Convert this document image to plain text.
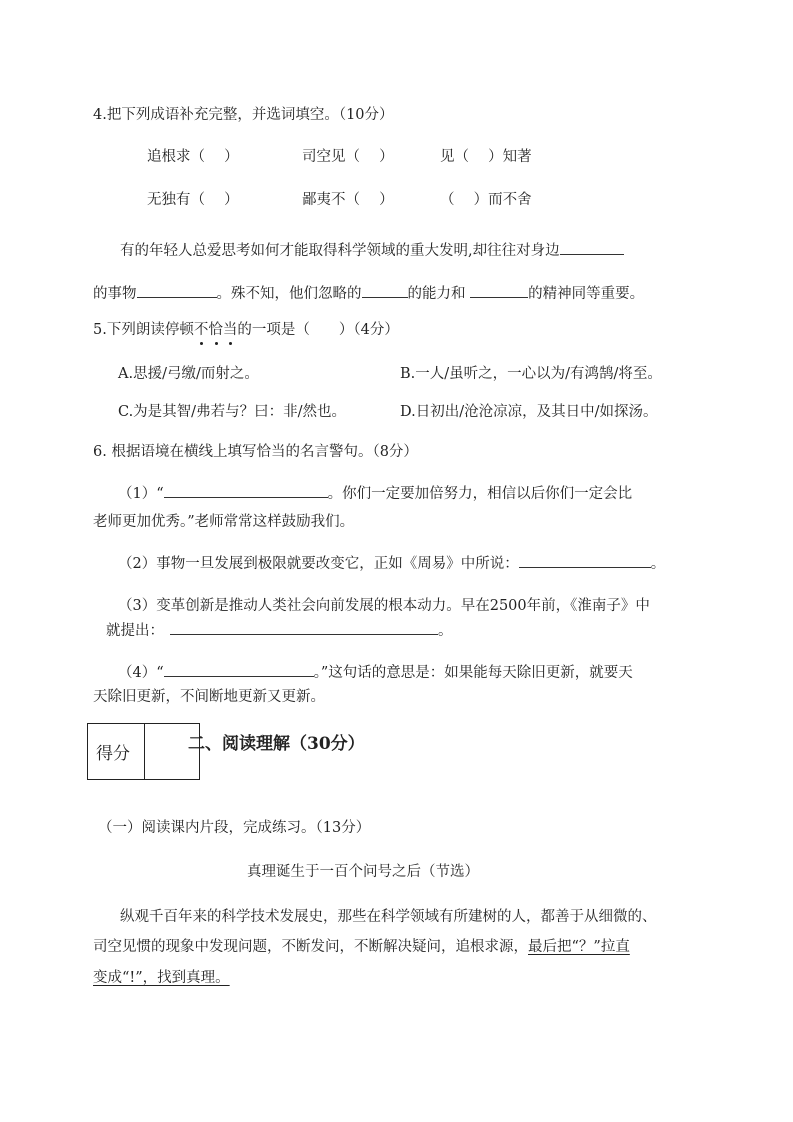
4.把下列成语补充完整，并选词填空。（10分）
追根求（　 ）	司空见（　 ）	见（　 ）知著
无独有（　 ）	鄙夷不（　 ）	（　 ）而不舍
有的年轻人总爱思考如何才能取得科学领域的重大发明,却往往对身边
的事物	。殊不知，他们忽略的	的能力和	的精神同等重要。
5.下列朗读停顿不恰当的一项是（　　）（4分）
A.思援/弓缴/而射之。	B.一人/虽听之，一心以为/有鸿鹄/将至。
C.为是其智/弗若与？曰：非/然也。	D.日初出/沧沧凉凉，及其日中/如探汤。
6. 根据语境在横线上填写恰当的名言警句。（8分）
（1）“	。你们一定要加倍努力，相信以后你们一定会比
老师更加优秀。”老师常常这样鼓励我们。
（2）事物一旦发展到极限就要改变它，正如《周易》中所说：	。
（3）变革创新是推动人类社会向前发展的根本动力。早在2500年前，《淮南子》中
就提出：	。
（4）“	。”这句话的意思是：如果能每天除旧更新，就要天
天除旧更新，不间断地更新又更新。
得分	二、阅读理解（30分）
（一）阅读课内片段，完成练习。（13分）
真理诞生于一百个问号之后（节选）
纵观千百年来的科学技术发展史，那些在科学领域有所建树的人，都善于从细微的、
司空见惯的现象中发现问题，不断发问，不断解决疑问，追根求源，最后把“？”拉直
变成“!”，找到真理。
